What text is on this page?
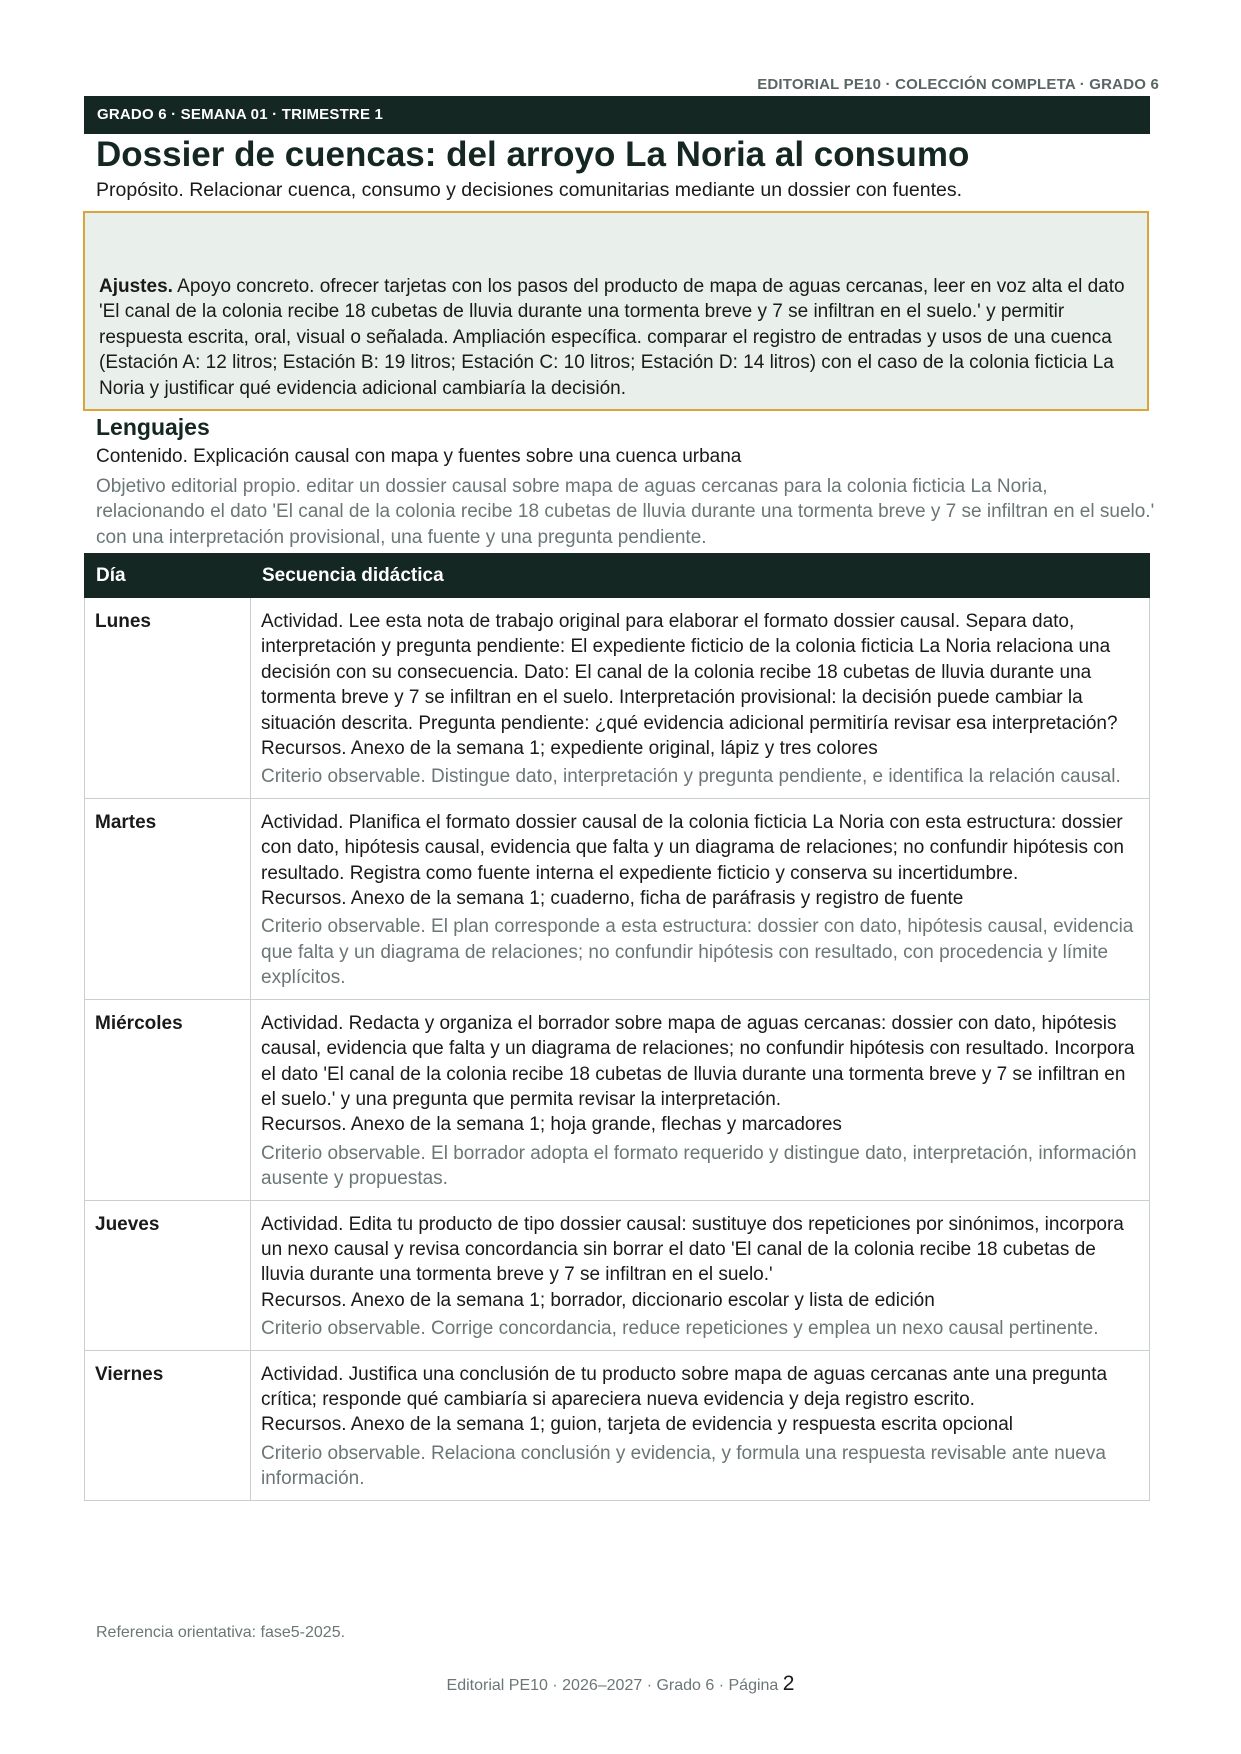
EDITORIAL PE10 · COLECCIÓN COMPLETA · GRADO 6
GRADO 6 · SEMANA 01 · TRIMESTRE 1
Dossier de cuencas: del arroyo La Noria al consumo
Propósito. Relacionar cuenca, consumo y decisiones comunitarias mediante un dossier con fuentes.
Ajustes. Apoyo concreto. ofrecer tarjetas con los pasos del producto de mapa de aguas cercanas, leer en voz alta el dato 'El canal de la colonia recibe 18 cubetas de lluvia durante una tormenta breve y 7 se infiltran en el suelo.' y permitir respuesta escrita, oral, visual o señalada. Ampliación específica. comparar el registro de entradas y usos de una cuenca (Estación A: 12 litros; Estación B: 19 litros; Estación C: 10 litros; Estación D: 14 litros) con el caso de la colonia ficticia La Noria y justificar qué evidencia adicional cambiaría la decisión.
Lenguajes
Contenido. Explicación causal con mapa y fuentes sobre una cuenca urbana
Objetivo editorial propio. editar un dossier causal sobre mapa de aguas cercanas para la colonia ficticia La Noria, relacionando el dato 'El canal de la colonia recibe 18 cubetas de lluvia durante una tormenta breve y 7 se infiltran en el suelo.' con una interpretación provisional, una fuente y una pregunta pendiente.
Día	Secuencia didáctica
Lunes	Actividad. Lee esta nota de trabajo original para elaborar el formato dossier causal. Separa dato, interpretación y pregunta pendiente: El expediente ficticio de la colonia ficticia La Noria relaciona una decisión con su consecuencia. Dato: El canal de la colonia recibe 18 cubetas de lluvia durante una tormenta breve y 7 se infiltran en el suelo. Interpretación provisional: la decisión puede cambiar la situación descrita. Pregunta pendiente: ¿qué evidencia adicional permitiría revisar esa interpretación?
Recursos. Anexo de la semana 1; expediente original, lápiz y tres colores
Criterio observable. Distingue dato, interpretación y pregunta pendiente, e identifica la relación causal.

Martes	Actividad. Planifica el formato dossier causal de la colonia ficticia La Noria con esta estructura: dossier con dato, hipótesis causal, evidencia que falta y un diagrama de relaciones; no confundir hipótesis con resultado. Registra como fuente interna el expediente ficticio y conserva su incertidumbre.
Recursos. Anexo de la semana 1; cuaderno, ficha de paráfrasis y registro de fuente
Criterio observable. El plan corresponde a esta estructura: dossier con dato, hipótesis causal, evidencia que falta y un diagrama de relaciones; no confundir hipótesis con resultado, con procedencia y límite explícitos.

Miércoles	Actividad. Redacta y organiza el borrador sobre mapa de aguas cercanas: dossier con dato, hipótesis causal, evidencia que falta y un diagrama de relaciones; no confundir hipótesis con resultado. Incorpora el dato 'El canal de la colonia recibe 18 cubetas de lluvia durante una tormenta breve y 7 se infiltran en el suelo.' y una pregunta que permita revisar la interpretación.
Recursos. Anexo de la semana 1; hoja grande, flechas y marcadores
Criterio observable. El borrador adopta el formato requerido y distingue dato, interpretación, información ausente y propuestas.

Jueves	Actividad. Edita tu producto de tipo dossier causal: sustituye dos repeticiones por sinónimos, incorpora un nexo causal y revisa concordancia sin borrar el dato 'El canal de la colonia recibe 18 cubetas de lluvia durante una tormenta breve y 7 se infiltran en el suelo.'
Recursos. Anexo de la semana 1; borrador, diccionario escolar y lista de edición
Criterio observable. Corrige concordancia, reduce repeticiones y emplea un nexo causal pertinente.

Viernes	Actividad. Justifica una conclusión de tu producto sobre mapa de aguas cercanas ante una pregunta crítica; responde qué cambiaría si apareciera nueva evidencia y deja registro escrito.
Recursos. Anexo de la semana 1; guion, tarjeta de evidencia y respuesta escrita opcional
Criterio observable. Relaciona conclusión y evidencia, y formula una respuesta revisable ante nueva información.
Referencia orientativa: fase5-2025.
Editorial PE10 · 2026–2027 · Grado 6 · Página 2
